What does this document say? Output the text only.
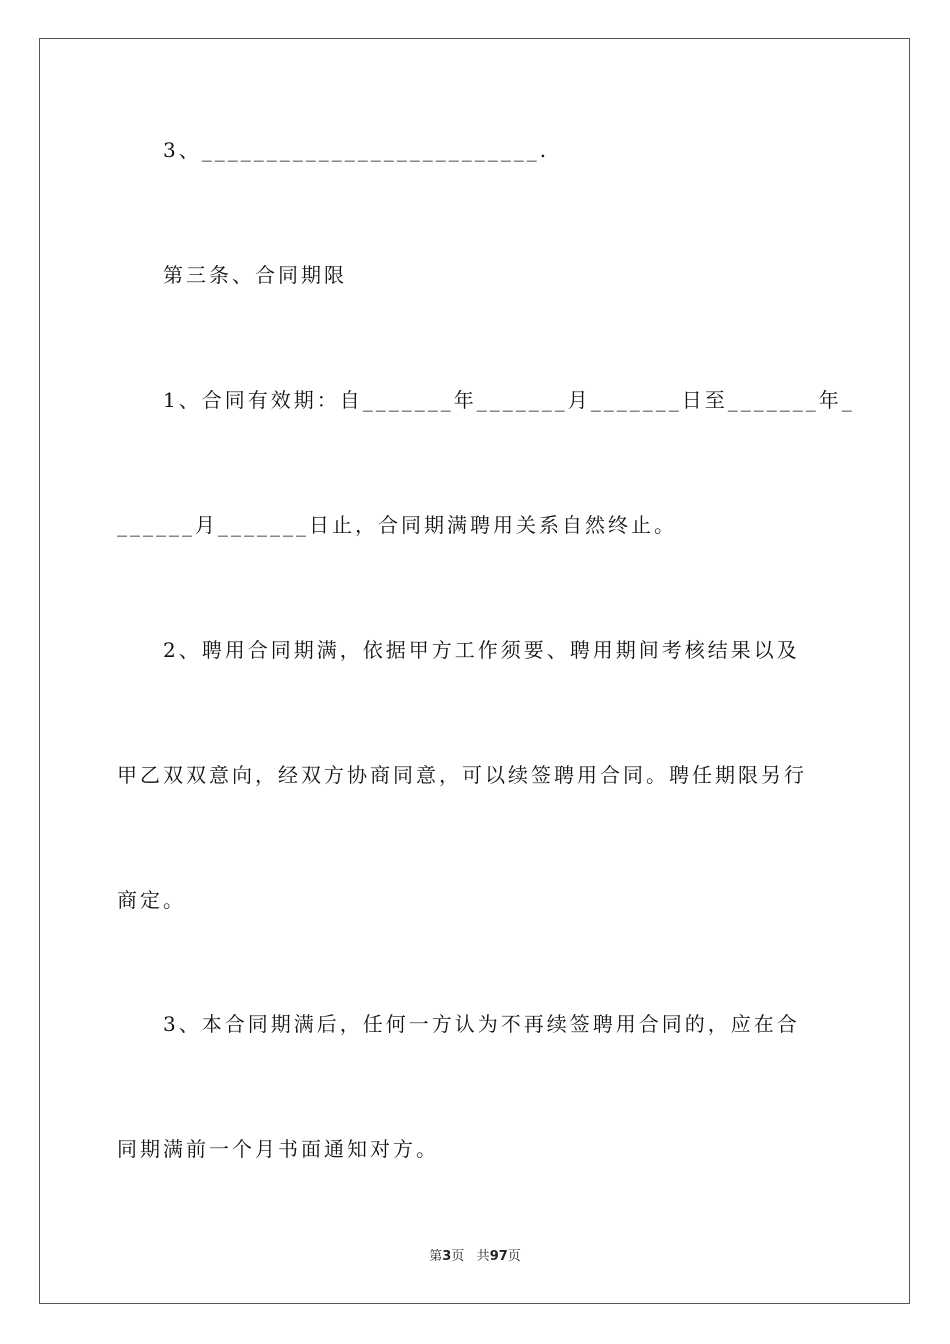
3、__________________________.
第三条、合同期限
1、合同有效期：自_______年_______月_______日至_______年_
______月_______日止，合同期满聘用关系自然终止。
2、聘用合同期满，依据甲方工作须要、聘用期间考核结果以及
甲乙双双意向，经双方协商同意，可以续签聘用合同。聘任期限另行
商定。
3、本合同期满后，任何一方认为不再续签聘用合同的，应在合
同期满前一个月书面通知对方。
第3页 共97页
